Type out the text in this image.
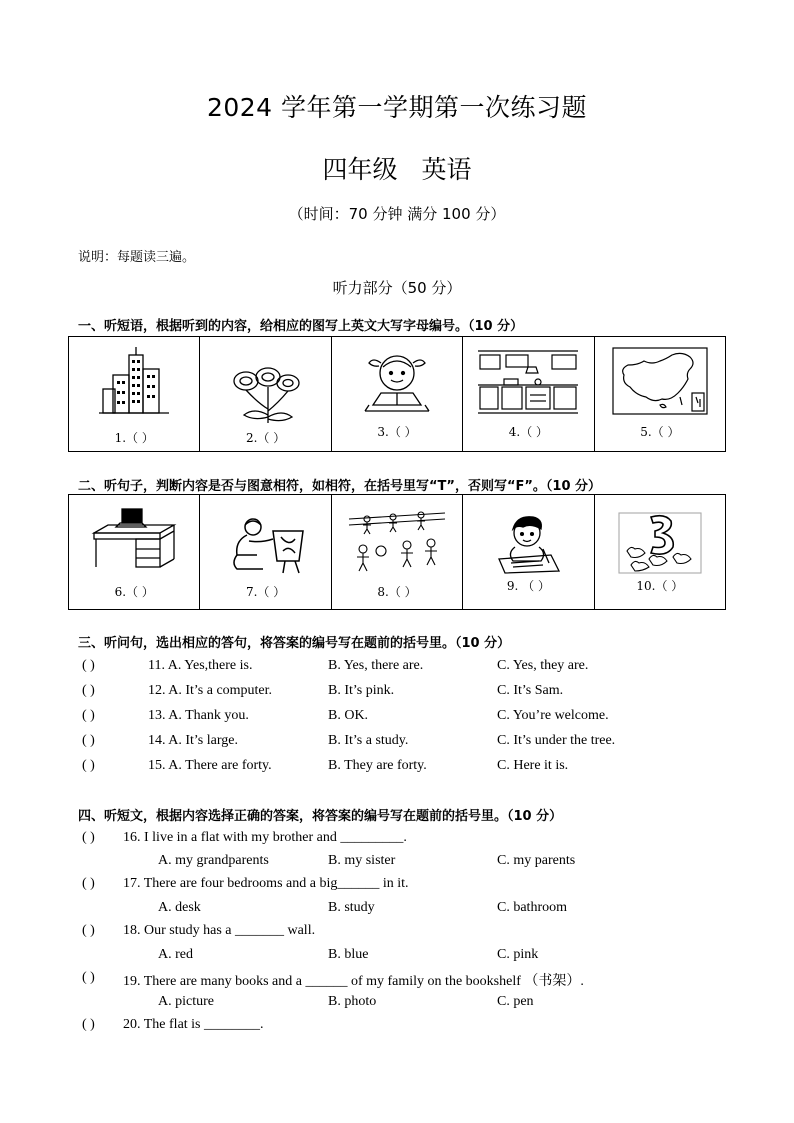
2024 学年第一学期第一次练习题
四年级 英语
（时间：70 分钟 满分 100 分）
说明：每题读三遍。
听力部分（50 分）
一、听短语，根据听到的内容，给相应的图写上英文大写字母编号。（10 分）
1.（ ）	2.（ ）	3.（ ）	4.（ ）	5.（ ）
二、听句子，判断内容是否与图意相符，如相符，在括号里写“T”，否则写“F”。（10 分）
6.（ ）	7.（ ）	8.（ ）	9. （ ）	10.（ ）
三、听问句，选出相应的答句，将答案的编号写在题前的括号里。（10 分）
( )	11. A. Yes,there is.	B. Yes, there are.	C. Yes, they are.
( )	12. A. It’s a computer.	B. It’s pink.	C. It’s Sam.
( )	13. A. Thank you.	B. OK.	C. You’re welcome.
( )	14. A. It’s large.	B. It’s a study.	C. It’s under the tree.
( )	15. A. There are forty.	B. They are forty.	C. Here it is.
四、听短文，根据内容选择正确的答案，将答案的编号写在题前的括号里。（10 分）
( ) 16. I live in a flat with my brother and _________.
A. my grandparents	B. my sister	C. my parents
( ) 17. There are four bedrooms and a big______ in it.
A. desk	B. study	C. bathroom
( ) 18. Our study has a _______ wall.
A. red	B. blue	C. pink
( ) 19. There are many books and a ______ of my family on the bookshelf （书架）.
A. picture	B. photo	C. pen
( ) 20. The flat is ________.
